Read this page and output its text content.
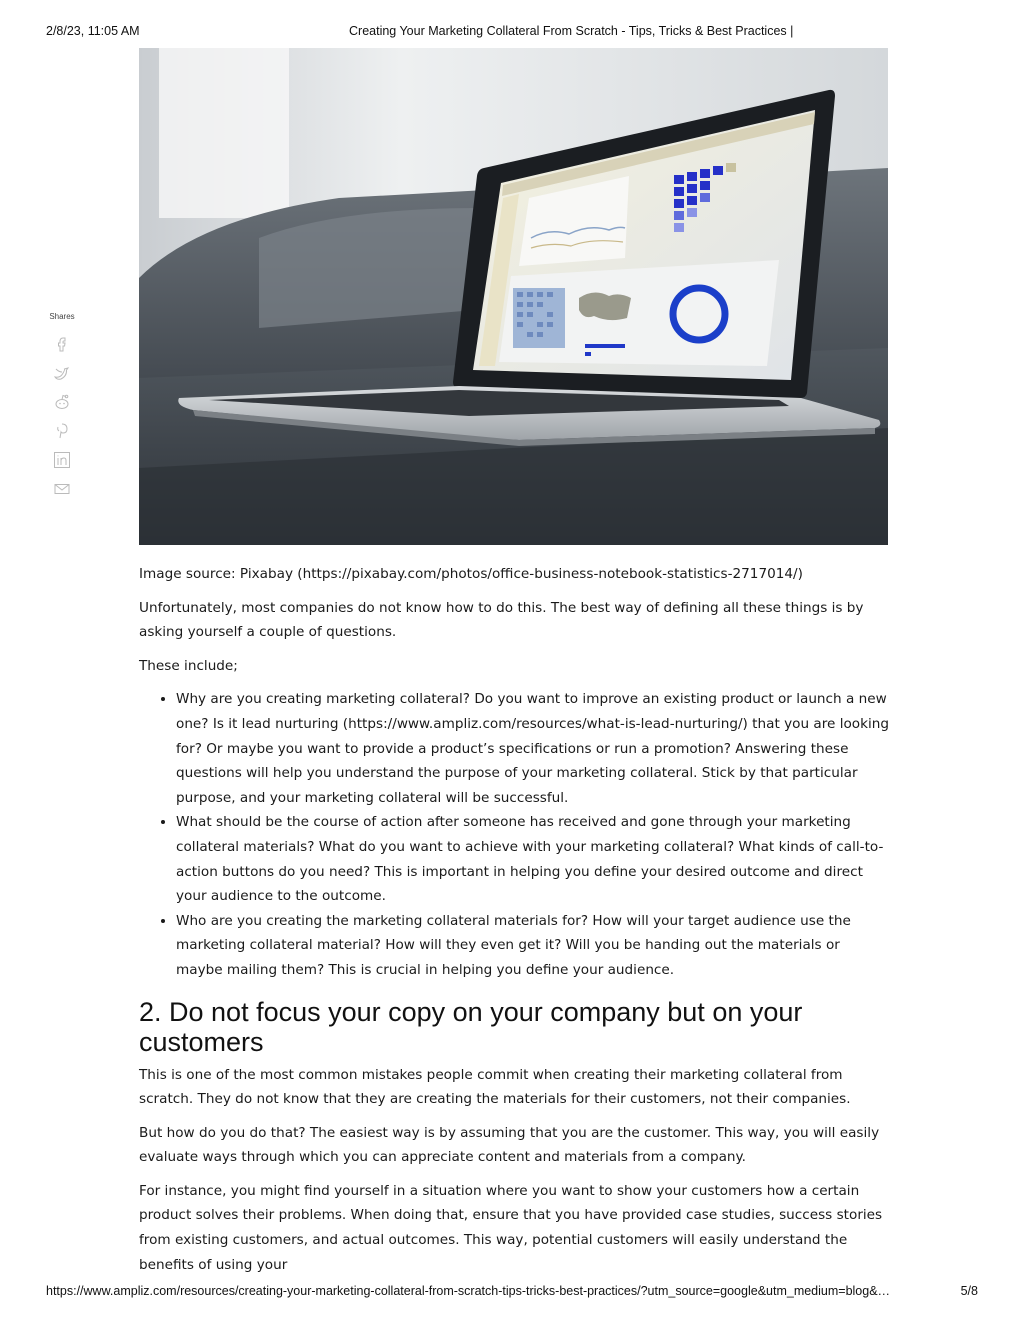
2/8/23, 11:05 AM	Creating Your Marketing Collateral From Scratch - Tips, Tricks & Best Practices |
Shares

Image source: Pixabay (https://pixabay.com/photos/office-business-notebook-statistics-2717014/)

Unfortunately, most companies do not know how to do this. The best way of defining all these things is by asking yourself a couple of questions.

These include;

• Why are you creating marketing collateral? Do you want to improve an existing product or launch a new one? Is it lead nurturing (https://www.ampliz.com/resources/what-is-lead-nurturing/) that you are looking for? Or maybe you want to provide a product’s specifications or run a promotion? Answering these questions will help you understand the purpose of your marketing collateral. Stick by that particular purpose, and your marketing collateral will be successful.
• What should be the course of action after someone has received and gone through your marketing collateral materials? What do you want to achieve with your marketing collateral? What kinds of call-to-action buttons do you need? This is important in helping you define your desired outcome and direct your audience to the outcome.
• Who are you creating the marketing collateral materials for? How will your target audience use the marketing collateral material? How will they even get it? Will you be handing out the materials or maybe mailing them? This is crucial in helping you define your audience.
2. Do not focus your copy on your company but on your customers

This is one of the most common mistakes people commit when creating their marketing collateral from scratch. They do not know that they are creating the materials for their customers, not their companies.

But how do you do that? The easiest way is by assuming that you are the customer. This way, you will easily evaluate ways through which you can appreciate content and materials from a company.

For instance, you might find yourself in a situation where you want to show your customers how a certain product solves their problems. When doing that, ensure that you have provided case studies, success stories from existing customers, and actual outcomes. This way, potential customers will easily understand the benefits of using your

https://www.ampliz.com/resources/creating-your-marketing-collateral-from-scratch-tips-tricks-best-practices/?utm_source=google&utm_medium=blog&…	5/8
